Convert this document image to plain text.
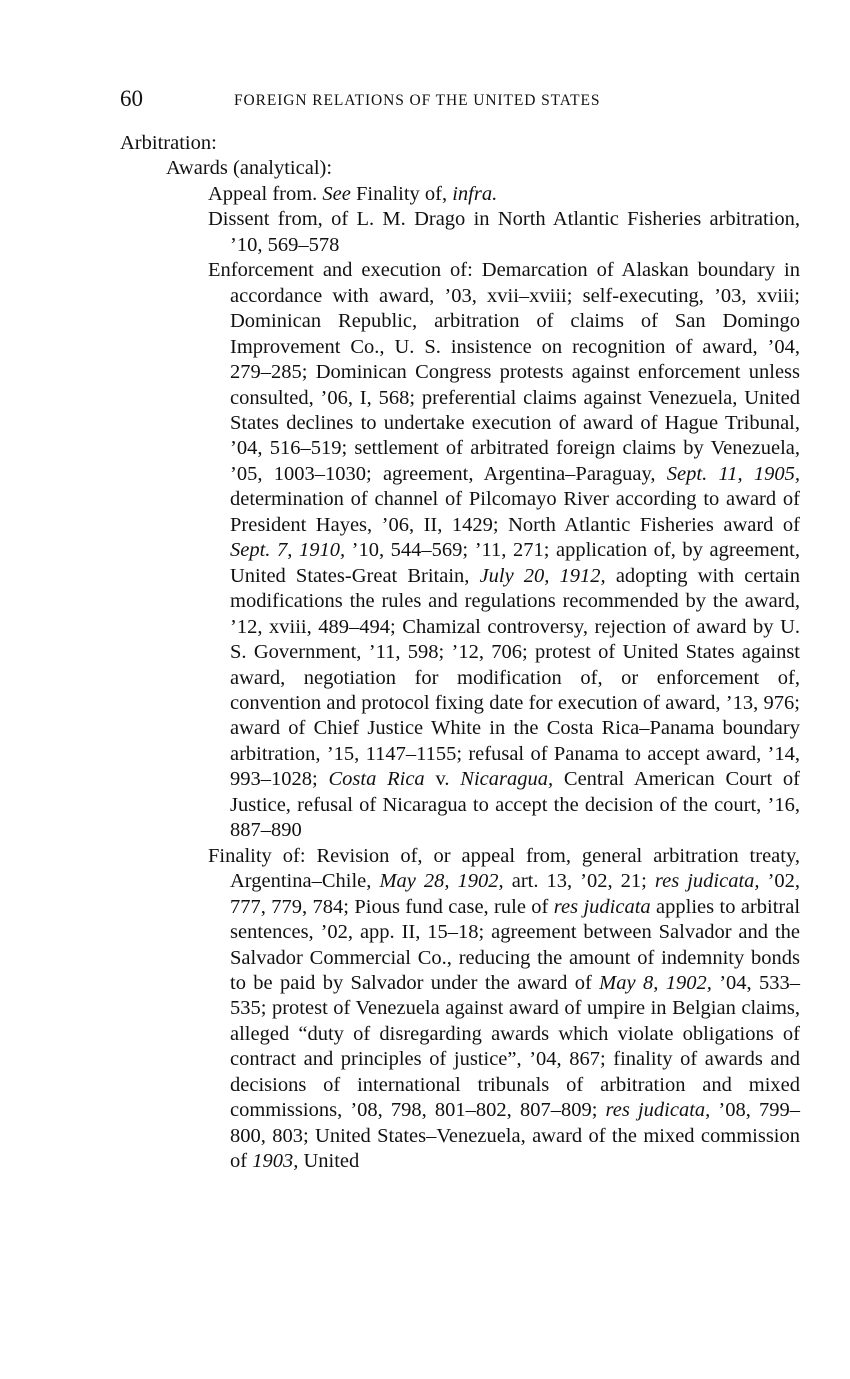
60	FOREIGN RELATIONS OF THE UNITED STATES

Arbitration:

Awards (analytical):

Appeal from. See Finality of, infra.

Dissent from, of L. M. Drago in North Atlantic Fisheries arbitration, ’10, 569–578

Enforcement and execution of: Demarcation of Alaskan boundary in accordance with award, ’03, xvii–xviii; self-executing, ’03, xviii; Dominican Republic, arbitration of claims of San Domingo Improvement Co., U. S. insistence on recognition of award, ’04, 279–285; Dominican Congress protests against enforcement unless consulted, ’06, I, 568; preferential claims against Venezuela, United States declines to undertake execution of award of Hague Tribunal, ’04, 516–519; settlement of arbitrated foreign claims by Venezuela, ’05, 1003–1030; agreement, Argentina–Paraguay, Sept. 11, 1905, determination of channel of Pilcomayo River according to award of President Hayes, ’06, II, 1429; North Atlantic Fisheries award of Sept. 7, 1910, ’10, 544–569; ’11, 271; application of, by agreement, United States-Great Britain, July 20, 1912, adopting with certain modifications the rules and regulations recommended by the award, ’12, xviii, 489–494; Chamizal controversy, rejection of award by U. S. Government, ’11, 598; ’12, 706; protest of United States against award, negotiation for modification of, or enforcement of, convention and protocol fixing date for execution of award, ’13, 976; award of Chief Justice White in the Costa Rica–Panama boundary arbitration, ’15, 1147–1155; refusal of Panama to accept award, ’14, 993–1028; Costa Rica v. Nicaragua, Central American Court of Justice, refusal of Nicaragua to accept the decision of the court, ’16, 887–890

Finality of: Revision of, or appeal from, general arbitration treaty, Argentina–Chile, May 28, 1902, art. 13, ’02, 21; res judicata, ’02, 777, 779, 784; Pious fund case, rule of res judicata applies to arbitral sentences, ’02, app. II, 15–18; agreement between Salvador and the Salvador Commercial Co., reducing the amount of indemnity bonds to be paid by Salvador under the award of May 8, 1902, ’04, 533–535; protest of Venezuela against award of umpire in Belgian claims, alleged “duty of disregarding awards which violate obligations of contract and principles of justice”, ’04, 867; finality of awards and decisions of international tribunals of arbitration and mixed commissions, ’08, 798, 801–802, 807–809; res judicata, ’08, 799–800, 803; United States–Venezuela, award of the mixed commission of 1903, United
